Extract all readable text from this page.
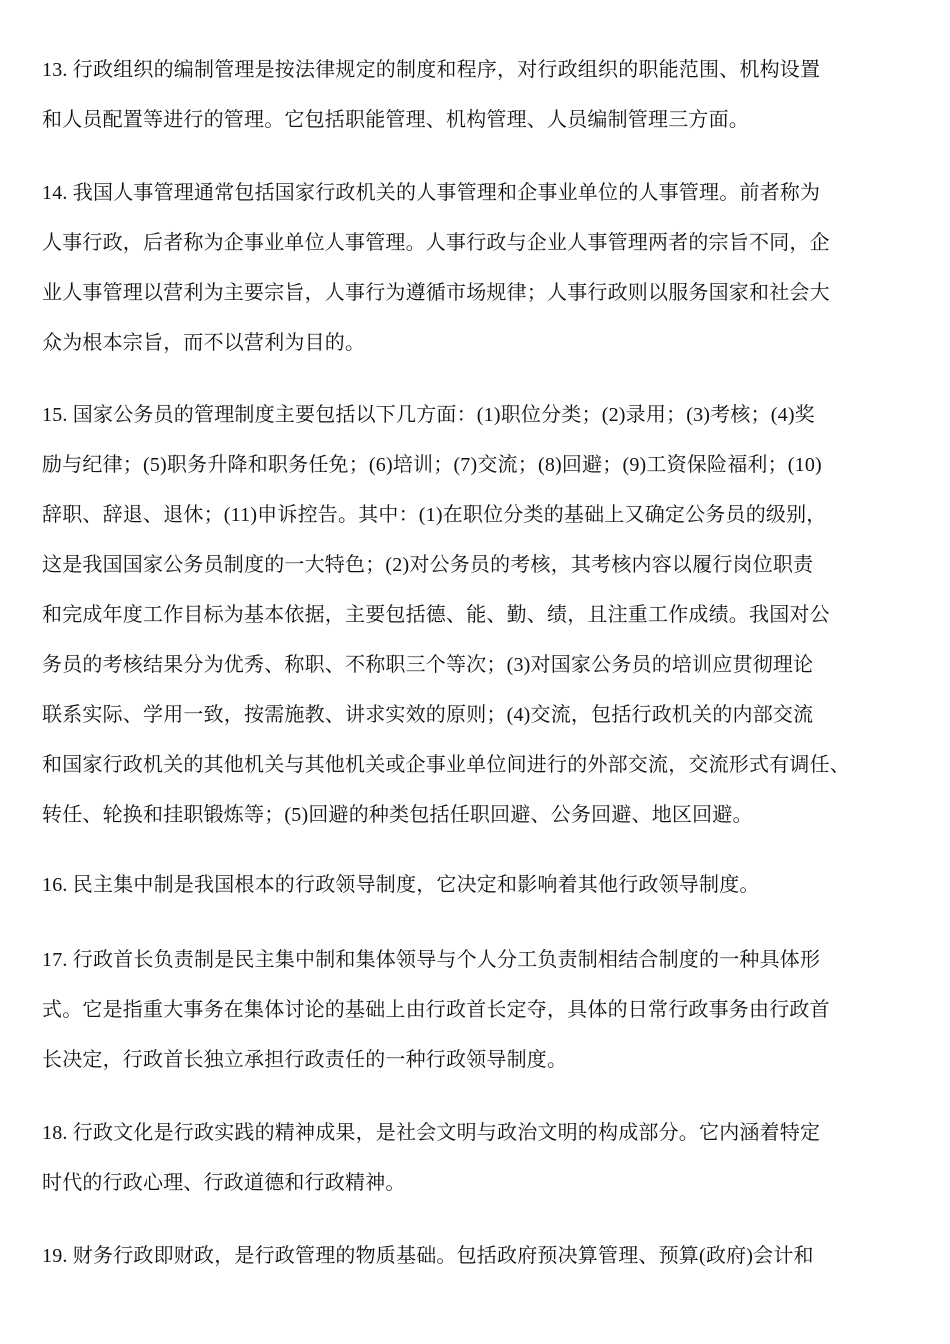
13. 行政组织的编制管理是按法律规定的制度和程序，对行政组织的职能范围、机构设置
和人员配置等进行的管理。它包括职能管理、机构管理、人员编制管理三方面。
14. 我国人事管理通常包括国家行政机关的人事管理和企事业单位的人事管理。前者称为
人事行政，后者称为企事业单位人事管理。人事行政与企业人事管理两者的宗旨不同，企
业人事管理以营利为主要宗旨，人事行为遵循市场规律；人事行政则以服务国家和社会大
众为根本宗旨，而不以营利为目的。
15. 国家公务员的管理制度主要包括以下几方面：(1)职位分类；(2)录用；(3)考核；(4)奖
励与纪律；(5)职务升降和职务任免；(6)培训；(7)交流；(8)回避；(9)工资保险福利；(10)
辞职、辞退、退休；(11)申诉控告。其中：(1)在职位分类的基础上又确定公务员的级别，
这是我国国家公务员制度的一大特色；(2)对公务员的考核，其考核内容以履行岗位职责
和完成年度工作目标为基本依据，主要包括德、能、勤、绩，且注重工作成绩。我国对公
务员的考核结果分为优秀、称职、不称职三个等次；(3)对国家公务员的培训应贯彻理论
联系实际、学用一致，按需施教、讲求实效的原则；(4)交流，包括行政机关的内部交流
和国家行政机关的其他机关与其他机关或企事业单位间进行的外部交流，交流形式有调任、
转任、轮换和挂职锻炼等；(5)回避的种类包括任职回避、公务回避、地区回避。
16. 民主集中制是我国根本的行政领导制度，它决定和影响着其他行政领导制度。
17. 行政首长负责制是民主集中制和集体领导与个人分工负责制相结合制度的一种具体形
式。它是指重大事务在集体讨论的基础上由行政首长定夺，具体的日常行政事务由行政首
长决定，行政首长独立承担行政责任的一种行政领导制度。
18. 行政文化是行政实践的精神成果，是社会文明与政治文明的构成部分。它内涵着特定
时代的行政心理、行政道德和行政精神。
19. 财务行政即财政，是行政管理的物质基础。包括政府预决算管理、预算(政府)会计和
